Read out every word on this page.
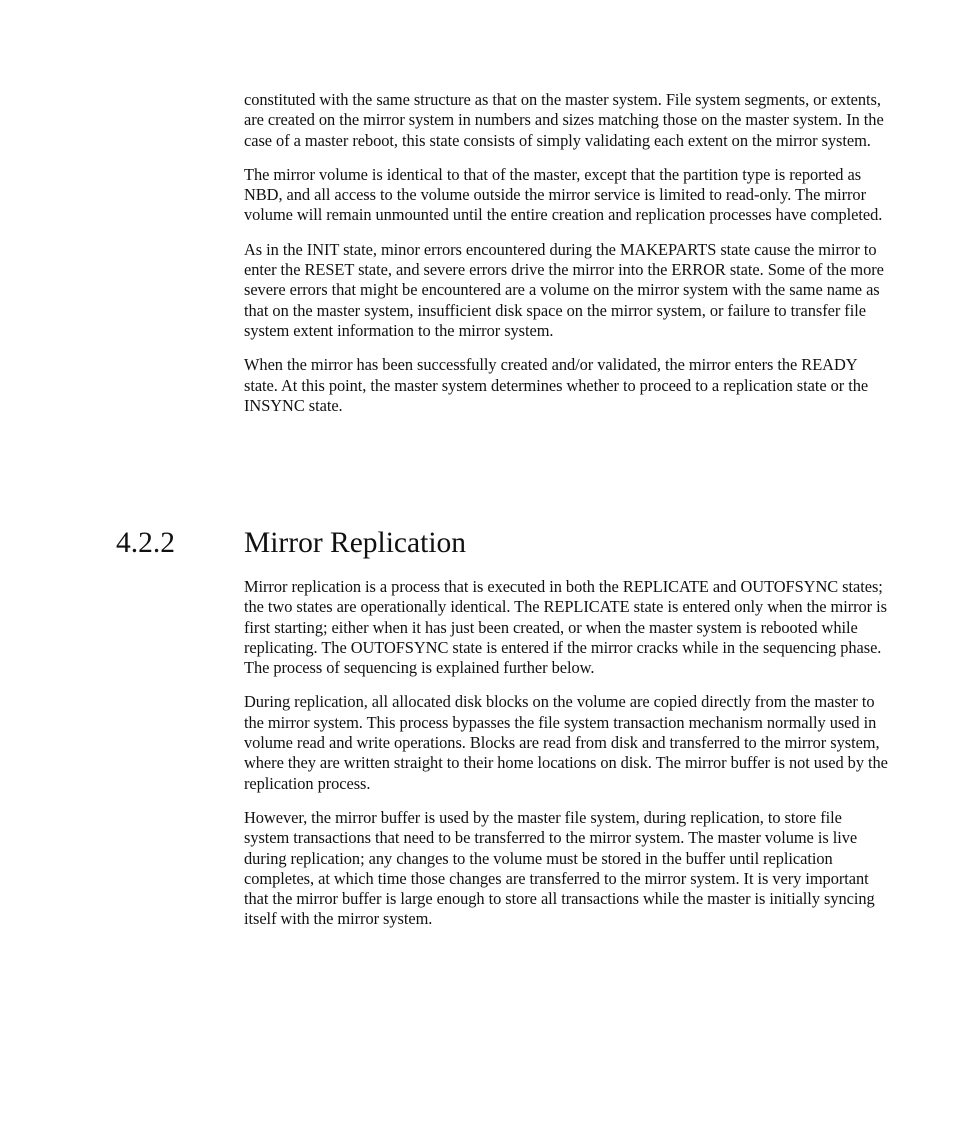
constituted with the same structure as that on the master system. File system segments, or extents, are created on the mirror system in numbers and sizes matching those on the master system. In the case of a master reboot, this state consists of simply validating each extent on the mirror system.

The mirror volume is identical to that of the master, except that the partition type is reported as NBD, and all access to the volume outside the mirror service is limited to read-only. The mirror volume will remain unmounted until the entire creation and replication processes have completed.

As in the INIT state, minor errors encountered during the MAKEPARTS state cause the mirror to enter the RESET state, and severe errors drive the mirror into the ERROR state. Some of the more severe errors that might be encountered are a volume on the mirror system with the same name as that on the master system, insufficient disk space on the mirror system, or failure to transfer file system extent information to the mirror system.

When the mirror has been successfully created and/or validated, the mirror enters the READY state. At this point, the master system determines whether to proceed to a replication state or the INSYNC state.

4.2.2 Mirror Replication

Mirror replication is a process that is executed in both the REPLICATE and OUTOFSYNC states; the two states are operationally identical. The REPLICATE state is entered only when the mirror is first starting; either when it has just been created, or when the master system is rebooted while replicating. The OUTOFSYNC state is entered if the mirror cracks while in the sequencing phase. The process of sequencing is explained further below.

During replication, all allocated disk blocks on the volume are copied directly from the master to the mirror system. This process bypasses the file system transaction mechanism normally used in volume read and write operations. Blocks are read from disk and transferred to the mirror system, where they are written straight to their home locations on disk. The mirror buffer is not used by the replication process.

However, the mirror buffer is used by the master file system, during replication, to store file system transactions that need to be transferred to the mirror system. The master volume is live during replication; any changes to the volume must be stored in the buffer until replication completes, at which time those changes are transferred to the mirror system. It is very important that the mirror buffer is large enough to store all transactions while the master is initially syncing itself with the mirror system.
